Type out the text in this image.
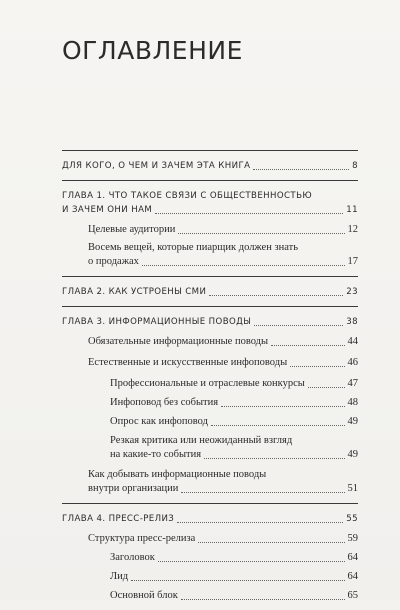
ОГЛАВЛЕНИЕ
ДЛЯ КОГО, О ЧЕМ И ЗАЧЕМ ЭТА КНИГА	8
ГЛАВА 1. ЧТО ТАКОЕ СВЯЗИ С ОБЩЕСТВЕННОСТЬЮ
И ЗАЧЕМ ОНИ НАМ	11
Целевые аудитории	12
Восемь вещей, которые пиарщик должен знать
о продажах	17
ГЛАВА 2. КАК УСТРОЕНЫ СМИ	23
ГЛАВА 3. ИНФОРМАЦИОННЫЕ ПОВОДЫ	38
Обязательные информационные поводы	44
Естественные и искусственные инфоповоды	46
Профессиональные и отраслевые конкурсы	47
Инфоповод без события	48
Опрос как инфоповод	49
Резкая критика или неожиданный взгляд
на какие-то события	49
Как добывать информационные поводы
внутри организации	51
ГЛАВА 4. ПРЕСС-РЕЛИЗ	55
Структура пресс-релиза	59
Заголовок	64
Лид	64
Основной блок	65
